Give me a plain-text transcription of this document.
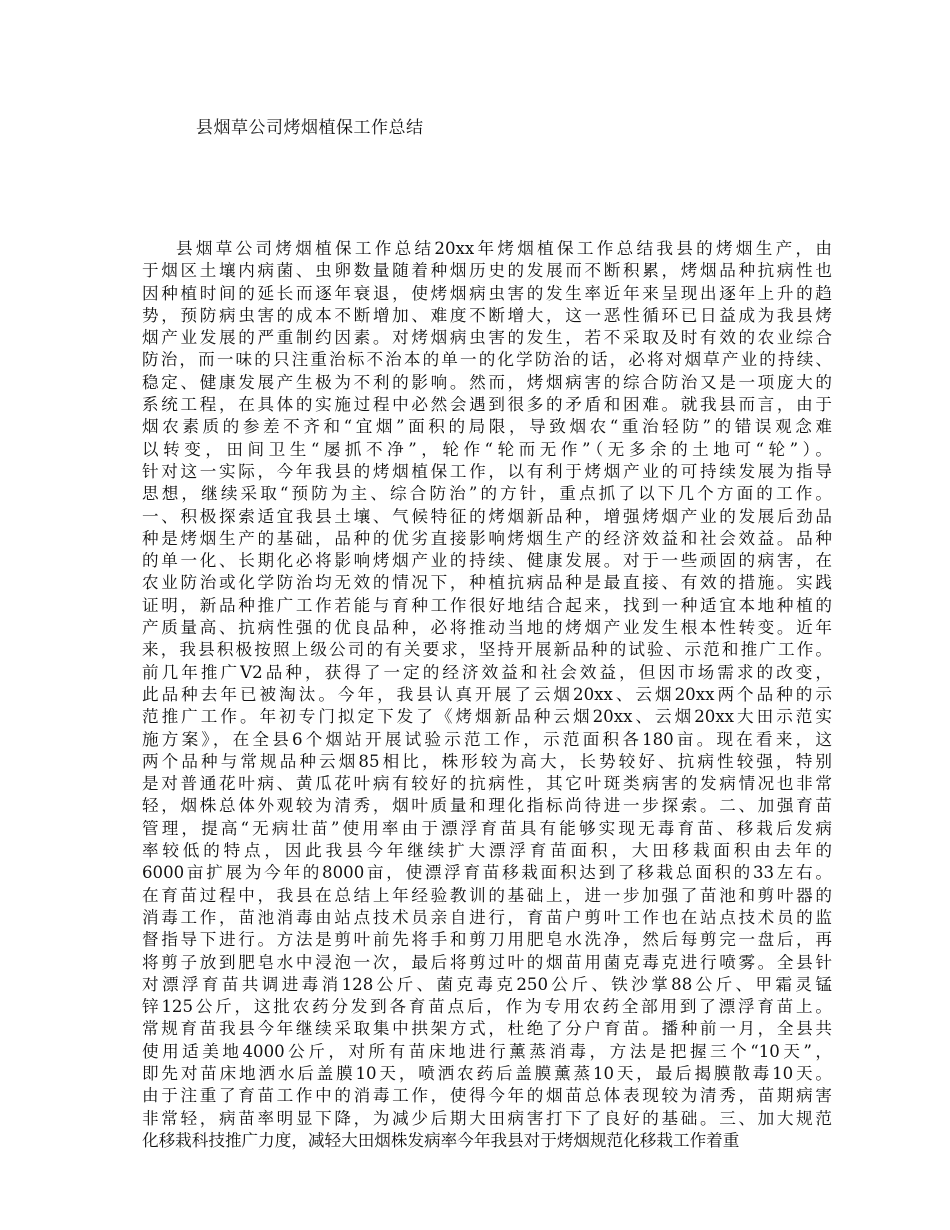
县烟草公司烤烟植保工作总结
县烟草公司烤烟植保工作总结20xx年烤烟植保工作总结我县的烤烟生产，由
于烟区土壤内病菌、虫卵数量随着种烟历史的发展而不断积累，烤烟品种抗病性也
因种植时间的延长而逐年衰退，使烤烟病虫害的发生率近年来呈现出逐年上升的趋
势，预防病虫害的成本不断增加、难度不断增大，这一恶性循环已日益成为我县烤
烟产业发展的严重制约因素。对烤烟病虫害的发生，若不采取及时有效的农业综合
防治，而一味的只注重治标不治本的单一的化学防治的话，必将对烟草产业的持续、
稳定、健康发展产生极为不利的影响。然而，烤烟病害的综合防治又是一项庞大的
系统工程，在具体的实施过程中必然会遇到很多的矛盾和困难。就我县而言，由于
烟农素质的参差不齐和“宜烟”面积的局限，导致烟农“重治轻防”的错误观念难
以转变，田间卫生“屡抓不净”，轮作“轮而无作”（无多余的土地可“轮”）。
针对这一实际，今年我县的烤烟植保工作，以有利于烤烟产业的可持续发展为指导
思想，继续采取“预防为主、综合防治”的方针，重点抓了以下几个方面的工作。
一、积极探索适宜我县土壤、气候特征的烤烟新品种，增强烤烟产业的发展后劲品
种是烤烟生产的基础，品种的优劣直接影响烤烟生产的经济效益和社会效益。品种
的单一化、长期化必将影响烤烟产业的持续、健康发展。对于一些顽固的病害，在
农业防治或化学防治均无效的情况下，种植抗病品种是最直接、有效的措施。实践
证明，新品种推广工作若能与育种工作很好地结合起来，找到一种适宜本地种植的
产质量高、抗病性强的优良品种，必将推动当地的烤烟产业发生根本性转变。近年
来，我县积极按照上级公司的有关要求，坚持开展新品种的试验、示范和推广工作。
前几年推广V2品种，获得了一定的经济效益和社会效益，但因市场需求的改变，
此品种去年已被淘汰。今年，我县认真开展了云烟20xx、云烟20xx两个品种的示
范推广工作。年初专门拟定下发了《烤烟新品种云烟20xx、云烟20xx大田示范实
施方案》，在全县6个烟站开展试验示范工作，示范面积各180亩。现在看来，这
两个品种与常规品种云烟85相比，株形较为高大，长势较好、抗病性较强，特别
是对普通花叶病、黄瓜花叶病有较好的抗病性，其它叶斑类病害的发病情况也非常
轻，烟株总体外观较为清秀，烟叶质量和理化指标尚待进一步探索。二、加强育苗
管理，提高“无病壮苗”使用率由于漂浮育苗具有能够实现无毒育苗、移栽后发病
率较低的特点，因此我县今年继续扩大漂浮育苗面积，大田移栽面积由去年的
6000亩扩展为今年的8000亩，使漂浮育苗移栽面积达到了移栽总面积的33左右。
在育苗过程中，我县在总结上年经验教训的基础上，进一步加强了苗池和剪叶器的
消毒工作，苗池消毒由站点技术员亲自进行，育苗户剪叶工作也在站点技术员的监
督指导下进行。方法是剪叶前先将手和剪刀用肥皂水洗净，然后每剪完一盘后，再
将剪子放到肥皂水中浸泡一次，最后将剪过叶的烟苗用菌克毒克进行喷雾。全县针
对漂浮育苗共调进毒消128公斤、菌克毒克250公斤、铁沙掌88公斤、甲霜灵锰
锌125公斤，这批农药分发到各育苗点后，作为专用农药全部用到了漂浮育苗上。
常规育苗我县今年继续采取集中拱架方式，杜绝了分户育苗。播种前一月，全县共
使用适美地4000公斤，对所有苗床地进行薰蒸消毒，方法是把握三个“10天”，
即先对苗床地洒水后盖膜10天，喷洒农药后盖膜薰蒸10天，最后揭膜散毒10天。
由于注重了育苗工作中的消毒工作，使得今年的烟苗总体表现较为清秀，苗期病害
非常轻，病苗率明显下降，为减少后期大田病害打下了良好的基础。三、加大规范
化移栽科技推广力度，减轻大田烟株发病率今年我县对于烤烟规范化移栽工作着重
